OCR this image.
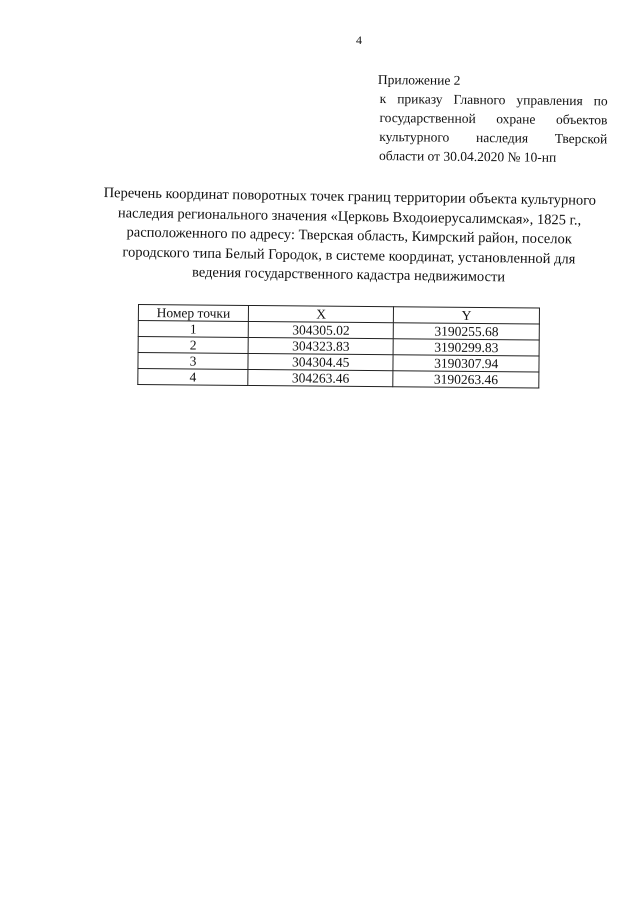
4
Приложение 2
к приказу Главного управления по государственной охране объектов культурного наследия Тверской области от 30.04.2020 № 10-нп
Перечень координат поворотных точек границ территории объекта культурного наследия регионального значения «Церковь Входоиерусалимская», 1825 г., расположенного по адресу: Тверская область, Кимрский район, поселок городского типа Белый Городок, в системе координат, установленной для ведения государственного кадастра недвижимости
Номер точки	X	Y
1	304305.02	3190255.68
2	304323.83	3190299.83
3	304304.45	3190307.94
4	304263.46	3190263.46
